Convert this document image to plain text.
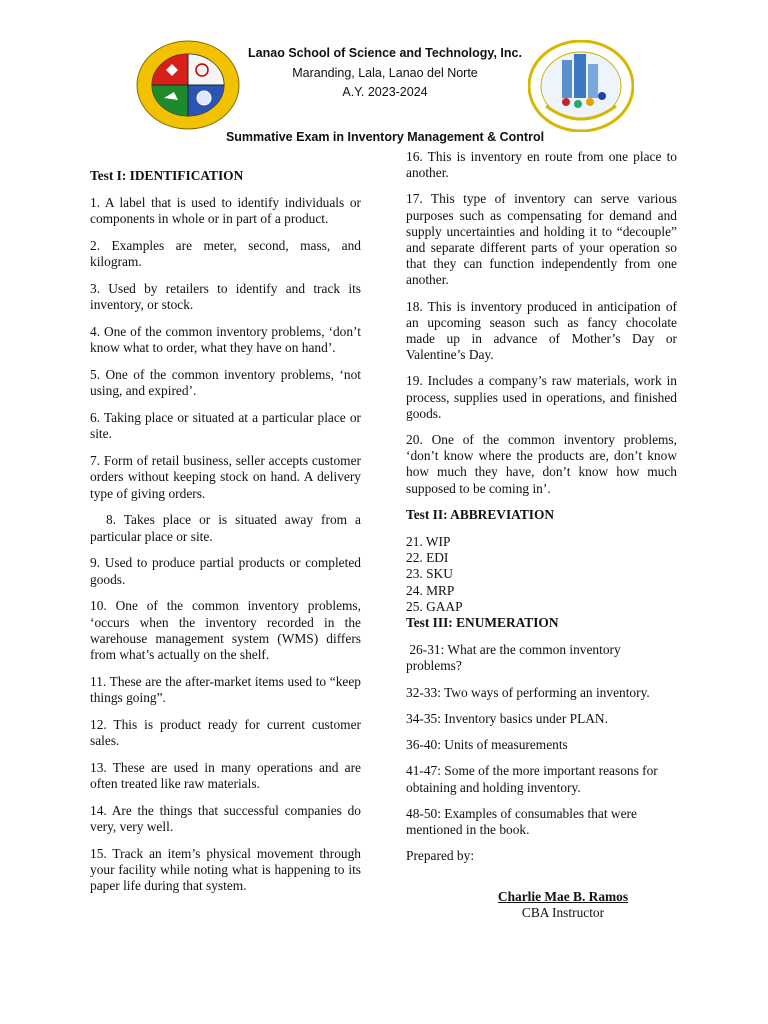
Lanao School of Science and Technology, Inc.
Maranding, Lala, Lanao del Norte
A.Y. 2023-2024
Summative Exam in Inventory Management & Control
Test I: IDENTIFICATION
1. A label that is used to identify individuals or components in whole or in part of a product.
2. Examples are meter, second, mass, and kilogram.
3. Used by retailers to identify and track its inventory, or stock.
4. One of the common inventory problems, ‘don’t know what to order, what they have on hand’.
5. One of the common inventory problems, ‘not using, and expired’.
6. Taking place or situated at a particular place or site.
7. Form of retail business, seller accepts customer orders without keeping stock on hand. A delivery type of giving orders.
8. Takes place or is situated away from a particular place or site.
9. Used to produce partial products or completed goods.
10. One of the common inventory problems, ‘occurs when the inventory recorded in the warehouse management system (WMS) differs from what’s actually on the shelf.
11. These are the after-market items used to “keep things going”.
12. This is product ready for current customer sales.
13. These are used in many operations and are often treated like raw materials.
14. Are the things that successful companies do very, very well.
15. Track an item’s physical movement through your facility while noting what is happening to its paper life during that system.
16. This is inventory en route from one place to another.
17. This type of inventory can serve various purposes such as compensating for demand and supply uncertainties and holding it to “decouple” and separate different parts of your operation so that they can function independently from one another.
18. This is inventory produced in anticipation of an upcoming season such as fancy chocolate made up in advance of Mother’s Day or Valentine’s Day.
19. Includes a company’s raw materials, work in process, supplies used in operations, and finished goods.
20. One of the common inventory problems, ‘don’t know where the products are, don’t know how much they have, don’t know how much supposed to be coming in’.
Test II: ABBREVIATION
21. WIP
22. EDI
23. SKU
24. MRP
25. GAAP
Test III: ENUMERATION
26-31: What are the common inventory problems?
32-33: Two ways of performing an inventory.
34-35: Inventory basics under PLAN.
36-40: Units of measurements
41-47: Some of the more important reasons for obtaining and holding inventory.
48-50: Examples of consumables that were mentioned in the book.
Prepared by:
Charlie Mae B. Ramos
CBA Instructor
